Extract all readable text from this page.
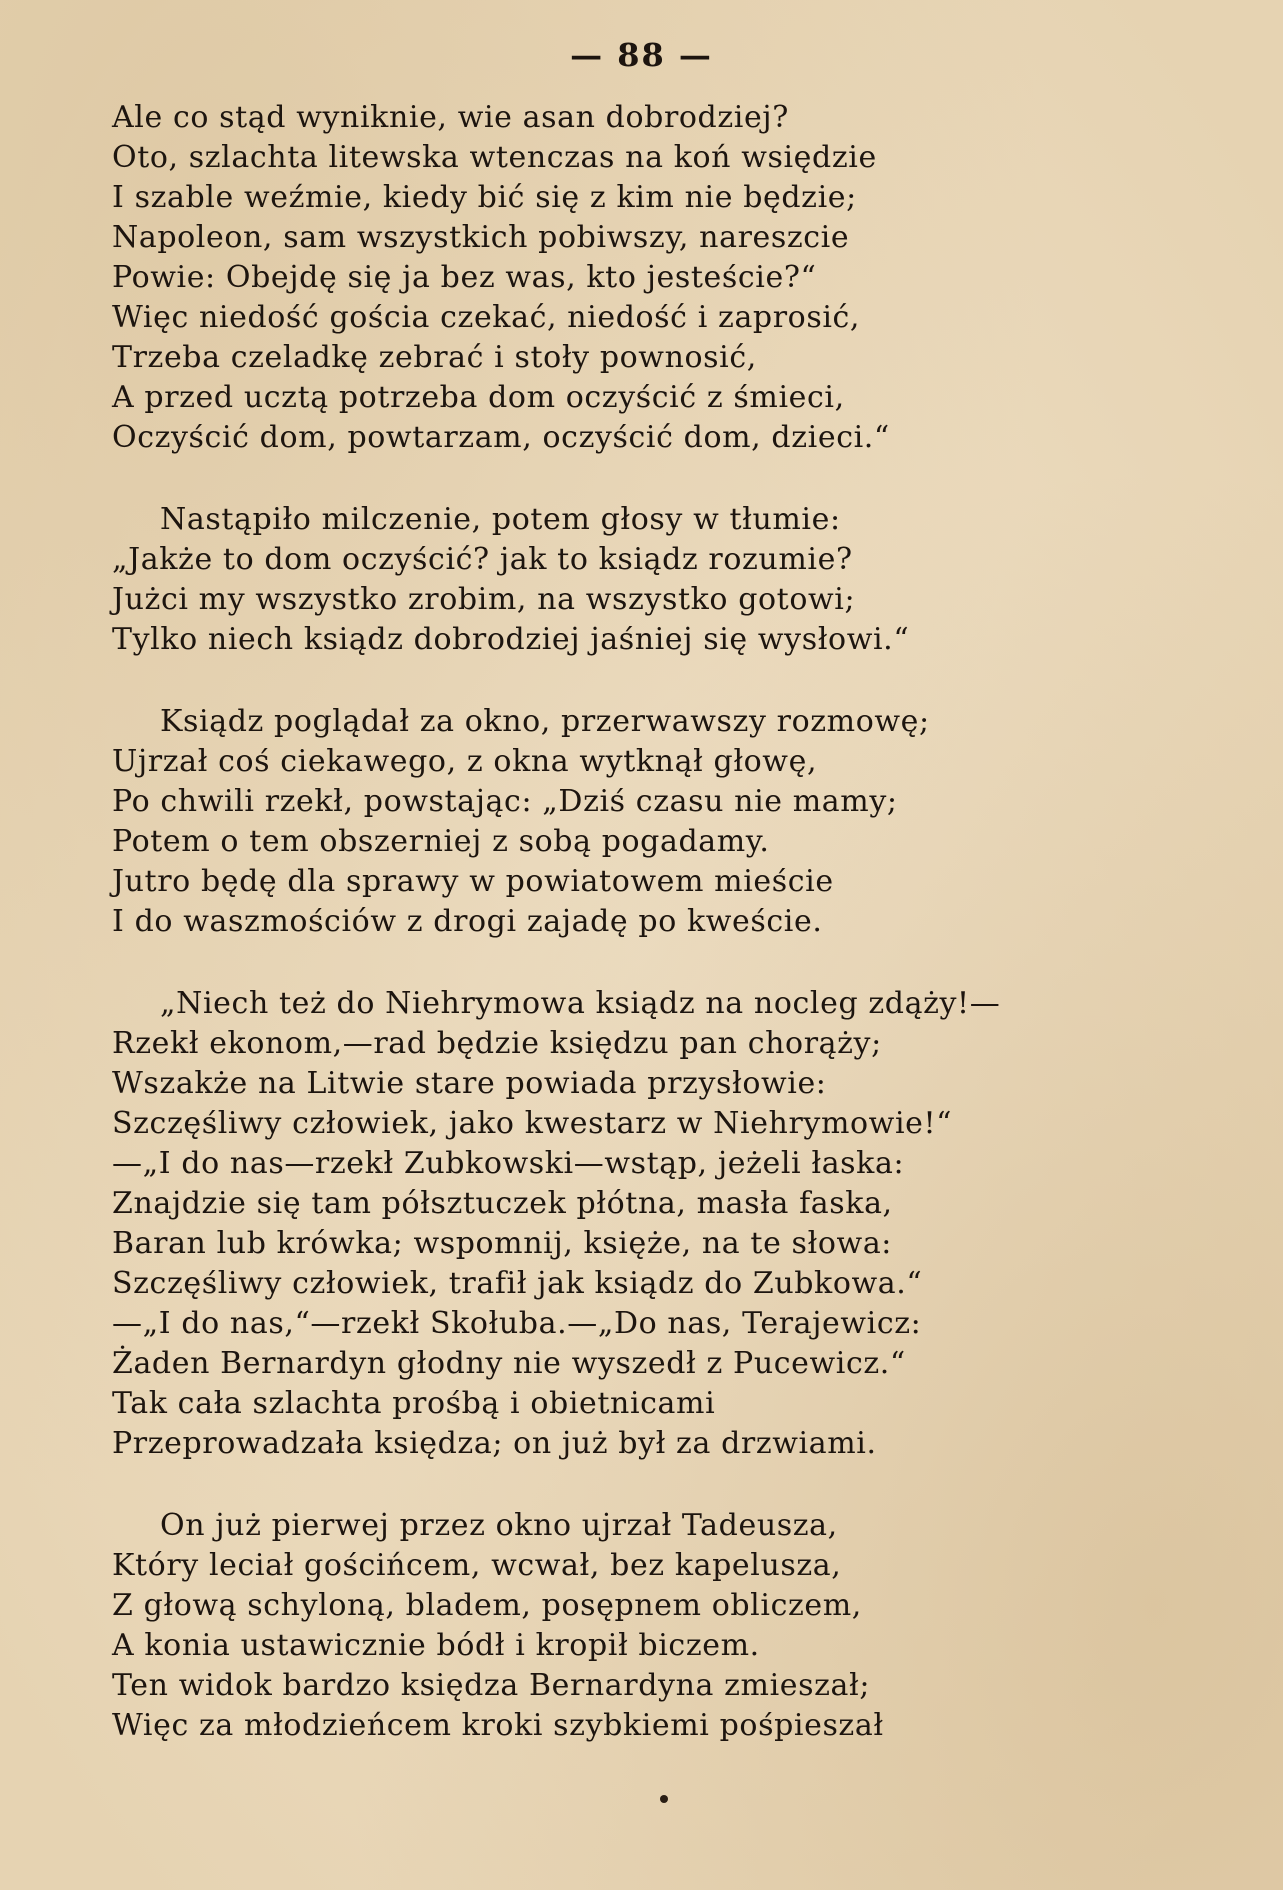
— 88 —
Ale co stąd wyniknie, wie asan dobrodziej?
Oto, szlachta litewska wtenczas na koń wsiędzie
I szable weźmie, kiedy bić się z kim nie będzie;
Napoleon, sam wszystkich pobiwszy, nareszcie
Powie: Obejdę się ja bez was, kto jesteście?“
Więc niedość gościa czekać, niedość i zaprosić,
Trzeba czeladkę zebrać i stoły pownosić,
A przed ucztą potrzeba dom oczyścić z śmieci,
Oczyścić dom, powtarzam, oczyścić dom, dzieci.“
Nastąpiło milczenie, potem głosy w tłumie:
„Jakże to dom oczyścić? jak to ksiądz rozumie?
Jużci my wszystko zrobim, na wszystko gotowi;
Tylko niech ksiądz dobrodziej jaśniej się wysłowi.“
Ksiądz poglądał za okno, przerwawszy rozmowę;
Ujrzał coś ciekawego, z okna wytknął głowę,
Po chwili rzekł, powstając: „Dziś czasu nie mamy;
Potem o tem obszerniej z sobą pogadamy.
Jutro będę dla sprawy w powiatowem mieście
I do waszmościów z drogi zajadę po kweście.
„Niech też do Niehrymowa ksiądz na nocleg zdąży!—
Rzekł ekonom,—rad będzie księdzu pan chorąży;
Wszakże na Litwie stare powiada przysłowie:
Szczęśliwy człowiek, jako kwestarz w Niehrymowie!“
—„I do nas—rzekł Zubkowski—wstąp, jeżeli łaska:
Znajdzie się tam półsztuczek płótna, masła faska,
Baran lub krówka; wspomnij, księże, na te słowa:
Szczęśliwy człowiek, trafił jak ksiądz do Zubkowa.“
—„I do nas,“—rzekł Skołuba.—„Do nas, Terajewicz:
Żaden Bernardyn głodny nie wyszedł z Pucewicz.“
Tak cała szlachta prośbą i obietnicami
Przeprowadzała księdza; on już był za drzwiami.
On już pierwej przez okno ujrzał Tadeusza,
Który leciał gościńcem, wcwał, bez kapelusza,
Z głową schyloną, bladem, posępnem obliczem,
A konia ustawicznie bódł i kropił biczem.
Ten widok bardzo księdza Bernardyna zmieszał;
Więc za młodzieńcem kroki szybkiemi pośpieszał
